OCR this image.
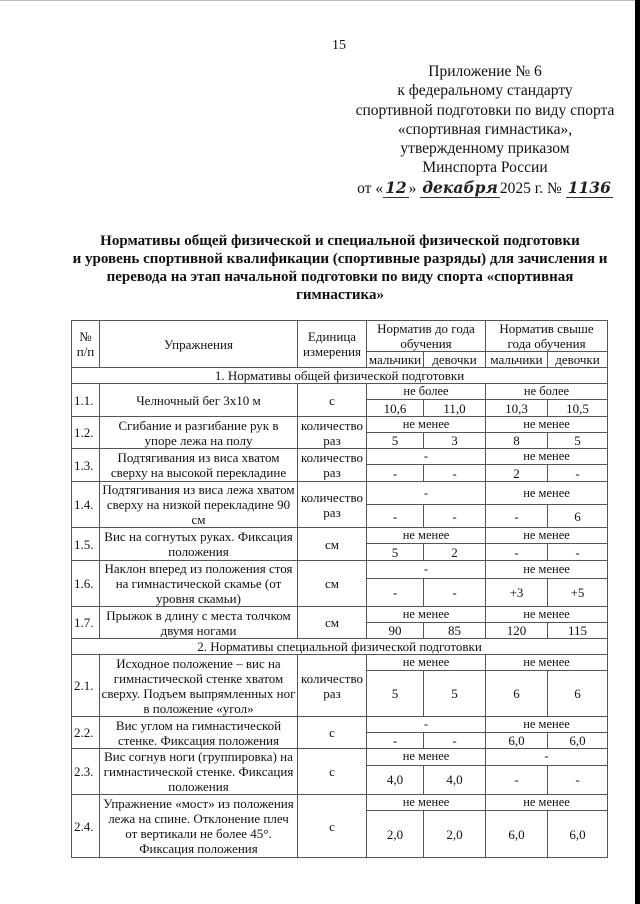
15
Приложение № 6
к федеральному стандарту
спортивной подготовки по виду спорта
«спортивная гимнастика»,
утвержденному приказом
Минспорта России
от « 12 » декабря 2025 г. № 1136
Нормативы общей физической и специальной физической подготовки
и уровень спортивной квалификации (спортивные разряды) для зачисления и
перевода на этап начальной подготовки по виду спорта «спортивная
гимнастика»
№ п/п	Упражнения	Единица измерения	Норматив до года обучения		Норматив свыше года обучения	
			мальчики	девочки	мальчики	девочки
1. Нормативы общей физической подготовки						
1.1.	Челночный бег 3х10 м	с	не более		не более	
			10,6	11,0	10,3	10,5
1.2.	Сгибание и разгибание рук в упоре лежа на полу	количество раз	не менее		не менее	
			5	3	8	5
1.3.	Подтягивания из виса хватом сверху на высокой перекладине	количество раз	-		не менее	
			-	-	2	-
1.4.	Подтягивания из виса лежа хватом сверху на низкой перекладине 90 см	количество раз	-		не менее	
			-	-	-	6
1.5.	Вис на согнутых руках. Фиксация положения	см	не менее		не менее	
			5	2	-	-
1.6.	Наклон вперед из положения стоя на гимнастической скамье (от уровня скамьи)	см	-		не менее	
			-	-	+3	+5
1.7.	Прыжок в длину с места толчком двумя ногами	см	не менее		не менее	
			90	85	120	115
2. Нормативы специальной физической подготовки						
2.1.	Исходное положение – вис на гимнастической стенке хватом сверху. Подъем выпрямленных ног в положение «угол»	количество раз	не менее		не менее	
			5	5	6	6
2.2.	Вис углом на гимнастической стенке. Фиксация положения	с	-		не менее	
			-	-	6,0	6,0
2.3.	Вис согнув ноги (группировка) на гимнастической стенке. Фиксация положения	с	не менее		-	
			4,0	4,0	-	-
2.4.	Упражнение «мост» из положения лежа на спине. Отклонение плеч от вертикали не более 45°. Фиксация положения	с	не менее		не менее	
			2,0	2,0	6,0	6,0
